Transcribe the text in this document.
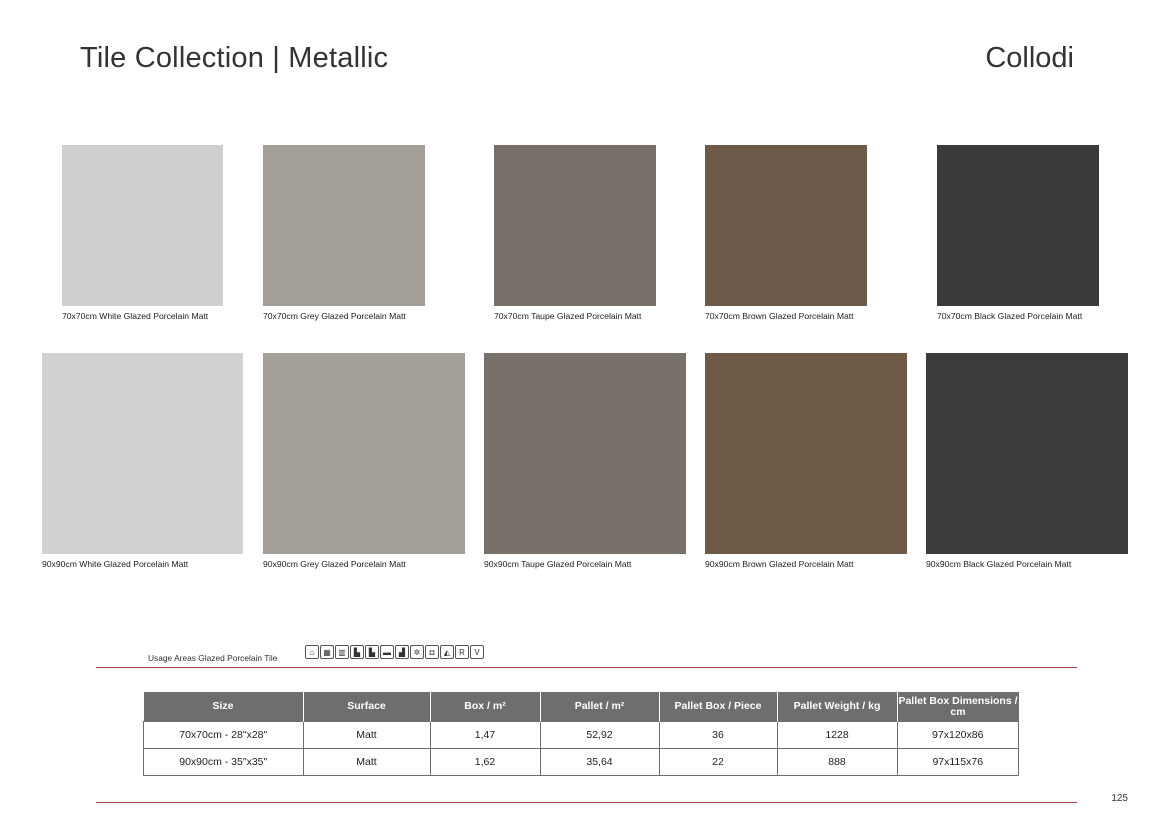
Tile Collection | Metallic	Collodi
70x70cm White Glazed Porcelain Matt	70x70cm Grey Glazed Porcelain Matt	70x70cm Taupe Glazed Porcelain Matt	70x70cm Brown Glazed Porcelain Matt	70x70cm Black Glazed Porcelain Matt
90x90cm White Glazed Porcelain Matt	90x90cm Grey Glazed Porcelain Matt	90x90cm Taupe Glazed Porcelain Matt	90x90cm Brown Glazed Porcelain Matt	90x90cm Black Glazed Porcelain Matt
Usage Areas Glazed Porcelain Tile
⌂	▦ ▥	▙	▙ ▬ ▟	✲	◘	◭	R	V
Size	Surface	Box / m²	Pallet / m²	Pallet Box / Piece	Pallet Weight / kg	Pallet Box Dimensions / cm
70x70cm - 28"x28"	Matt	1,47	52,92	36	1228	97x120x86
90x90cm - 35"x35"	Matt	1,62	35,64	22	888	97x115x76
125
